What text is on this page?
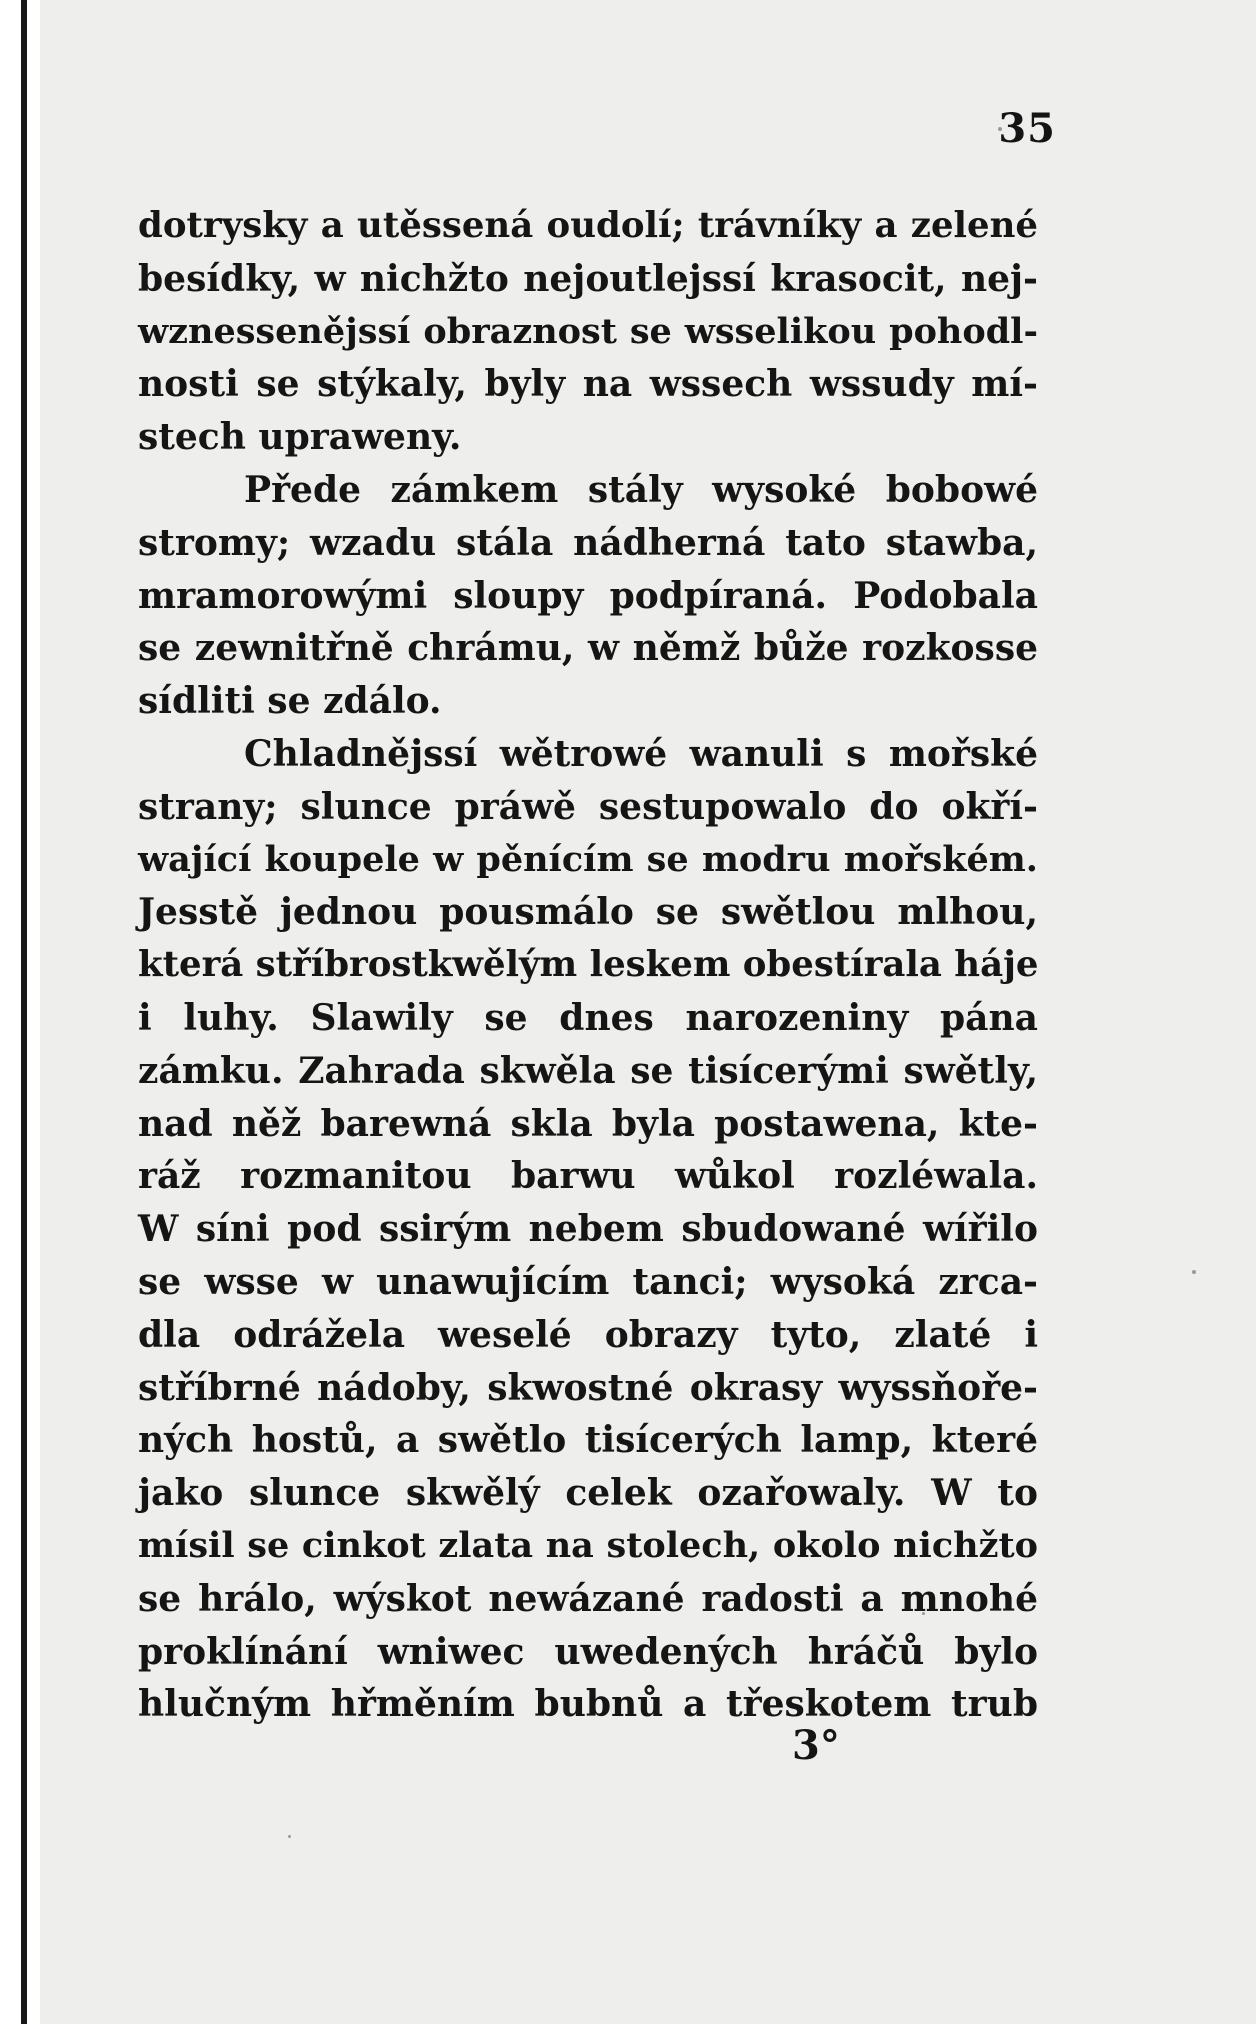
35
dotrysky a utěssená oudolí; trávníky a zelené
besídky, w nichžto nejoutlejssí krasocit, nej-
wznessenějssí obraznost se wsselikou pohodl-
nosti se stýkaly, byly na wssech wssudy mí-
stech upraweny.
Přede zámkem stály wysoké bobowé
stromy; wzadu stála nádherná tato stawba,
mramorowými sloupy podpíraná. Podobala
se zewnitřně chrámu, w němž bůže rozkosse
sídliti se zdálo.
Chladnějssí wětrowé wanuli s mořské
strany; slunce práwě sestupowalo do okří-
wající koupele w pěnícím se modru mořském.
Jesstě jednou pousmálo se swětlou mlhou,
která stříbrostkwělým leskem obestírala háje
i luhy. Slawily se dnes narozeniny pána
zámku. Zahrada skwěla se tisícerými swětly,
nad něž barewná skla byla postawena, kte-
ráž rozmanitou barwu wůkol rozléwala.
W síni pod ssirým nebem sbudowané wířilo
se wsse w unawujícím tanci; wysoká zrca-
dla odrážela weselé obrazy tyto, zlaté i
stříbrné nádoby, skwostné okrasy wyssňoře-
ných hostů, a swětlo tisícerých lamp, které
jako slunce skwělý celek ozařowaly. W to
mísil se cinkot zlata na stolech, okolo nichžto
se hrálo, wýskot newázané radosti a mnohé
proklínání wniwec uwedených hráčů bylo
hlučným hřměním bubnů a třeskotem trub
3°
